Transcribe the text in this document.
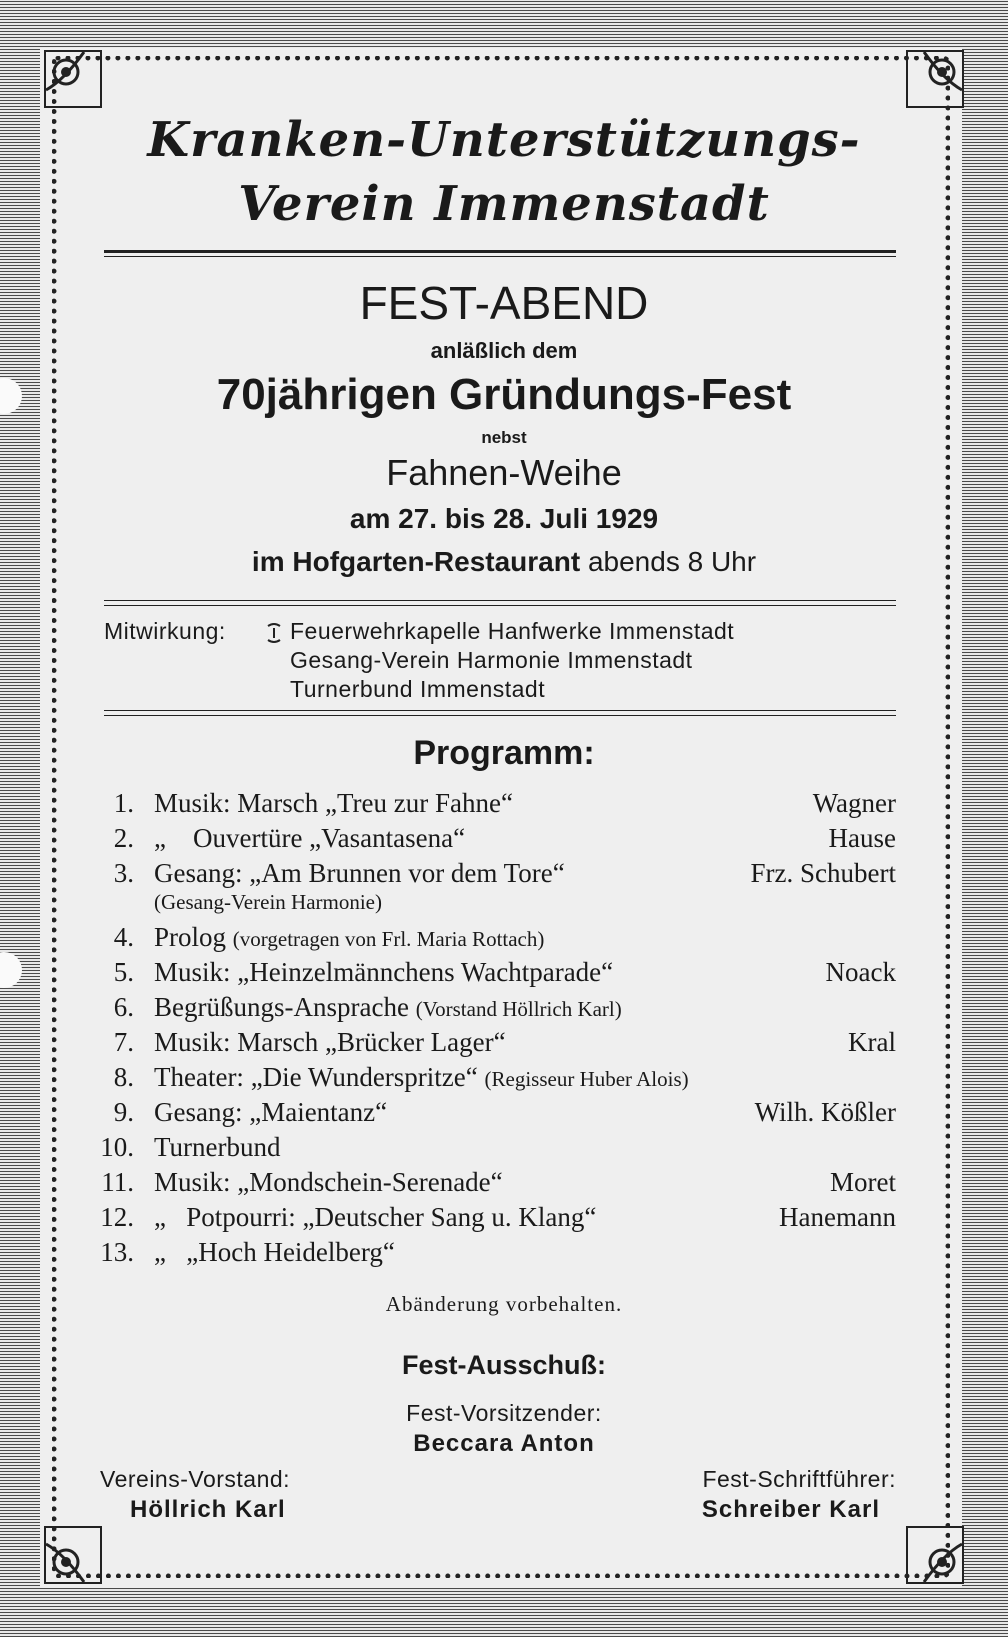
Kranken-Unterstützungs-
Verein Immenstadt
FEST-ABEND
anläßlich dem
70jährigen Gründungs-Fest
nebst
Fahnen-Weihe
am 27. bis 28. Juli 1929
im Hofgarten-Restaurant abends 8 Uhr
Mitwirkung:	Feuerwehrkapelle Hanfwerke Immenstadt
Gesang-Verein Harmonie Immenstadt
Turnerbund Immenstadt
Programm:
1. Musik: Marsch „Treu zur Fahne“	Wagner
2. „    Ouvertüre „Vasantasena“	Hause
3. Gesang: „Am Brunnen vor dem Tore“	Frz. Schubert
(Gesang-Verein Harmonie)
4. Prolog (vorgetragen von Frl. Maria Rottach)
5. Musik: „Heinzelmännchens Wachtparade“	Noack
6. Begrüßungs-Ansprache (Vorstand Höllrich Karl)
7. Musik: Marsch „Brücker Lager“	Kral
8. Theater: „Die Wunderspritze“ (Regisseur Huber Alois)
9. Gesang: „Maientanz“	Wilh. Kößler
10. Turnerbund
11. Musik: „Mondschein-Serenade“	Moret
12. „   Potpourri: „Deutscher Sang u. Klang“	Hanemann
13. „   „Hoch Heidelberg“
Abänderung vorbehalten.
Fest-Ausschuß:
Fest-Vorsitzender:
Beccara Anton
Vereins-Vorstand:
Höllrich Karl
Fest-Schriftführer:
Schreiber Karl
